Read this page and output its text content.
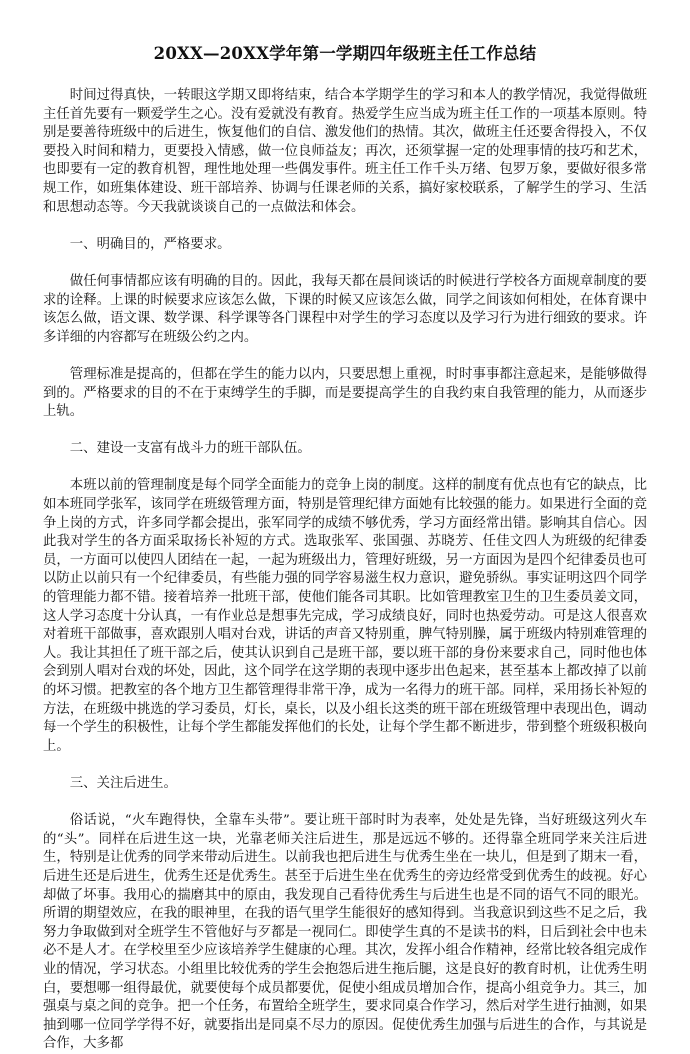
20XX—20XX学年第一学期四年级班主任工作总结

时间过得真快，一转眼这学期又即将结束，结合本学期学生的学习和本人的教学情况，我觉得做班主任首先要有一颗爱学生之心。没有爱就没有教育。热爱学生应当成为班主任工作的一项基本原则。特别是要善待班级中的后进生，恢复他们的自信、激发他们的热情。其次，做班主任还要舍得投入，不仅要投入时间和精力，更要投入情感，做一位良师益友；再次，还须掌握一定的处理事情的技巧和艺术，也即要有一定的教育机智，理性地处理一些偶发事件。班主任工作千头万绪、包罗万象，要做好很多常规工作，如班集体建设、班干部培养、协调与任课老师的关系，搞好家校联系，了解学生的学习、生活和思想动态等。今天我就谈谈自己的一点做法和体会。

一、明确目的，严格要求。

做任何事情都应该有明确的目的。因此，我每天都在晨间谈话的时候进行学校各方面规章制度的要求的诠释。上课的时候要求应该怎么做，下课的时候又应该怎么做，同学之间该如何相处，在体育课中该怎么做，语文课、数学课、科学课等各门课程中对学生的学习态度以及学习行为进行细致的要求。许多详细的内容都写在班级公约之内。

管理标准是提高的，但都在学生的能力以内，只要思想上重视，时时事事都注意起来，是能够做得到的。严格要求的目的不在于束缚学生的手脚，而是要提高学生的自我约束自我管理的能力，从而逐步上轨。

二、建设一支富有战斗力的班干部队伍。

本班以前的管理制度是每个同学全面能力的竞争上岗的制度。这样的制度有优点也有它的缺点，比如本班同学张军，该同学在班级管理方面，特别是管理纪律方面她有比较强的能力。如果进行全面的竞争上岗的方式，许多同学都会提出，张军同学的成绩不够优秀，学习方面经常出错。影响其自信心。因此我对学生的各方面采取扬长补短的方式。选取张军、张国强、苏晓芳、任佳文四人为班级的纪律委员，一方面可以使四人团结在一起，一起为班级出力，管理好班级，另一方面因为是四个纪律委员也可以防止以前只有一个纪律委员，有些能力强的同学容易滋生权力意识，避免骄纵。事实证明这四个同学的管理能力都不错。接着培养一批班干部，使他们能各司其职。比如管理教室卫生的卫生委员姜文同，这人学习态度十分认真，一有作业总是想事先完成，学习成绩良好，同时也热爱劳动。可是这人很喜欢对着班干部做事，喜欢跟别人唱对台戏，讲话的声音又特别重，脾气特别臊，属于班级内特别难管理的人。我让其担任了班干部之后，使其认识到自己是班干部，要以班干部的身份来要求自己，同时他也体会到别人唱对台戏的坏处，因此，这个同学在这学期的表现中逐步出色起来，甚至基本上都改掉了以前的坏习惯。把教室的各个地方卫生都管理得非常干净，成为一名得力的班干部。同样，采用扬长补短的方法，在班级中挑选的学习委员，灯长，桌长，以及小组长这类的班干部在班级管理中表现出色，调动每一个学生的积极性，让每个学生都能发挥他们的长处，让每个学生都不断进步，带到整个班级积极向上。

三、关注后进生。

俗话说，“火车跑得快，全靠车头带”。要让班干部时时为表率，处处是先锋，当好班级这列火车的“头”。同样在后进生这一块，光靠老师关注后进生，那是远远不够的。还得靠全班同学来关注后进生，特别是让优秀的同学来带动后进生。以前我也把后进生与优秀生坐在一块儿，但是到了期末一看，后进生还是后进生，优秀生还是优秀生。甚至于后进生坐在优秀生的旁边经常受到优秀生的歧视。好心却做了坏事。我用心的揣磨其中的原由，我发现自己看待优秀生与后进生也是不同的语气不同的眼光。所谓的期望效应，在我的眼神里，在我的语气里学生能很好的感知得到。当我意识到这些不足之后，我努力争取做到对全班学生不管他好与歹都是一视同仁。即使学生真的不是读书的料，日后到社会中也未必不是人才。在学校里至少应该培养学生健康的心理。其次，发挥小组合作精神，经常比较各组完成作业的情况，学习状态。小组里比较优秀的学生会抱怨后进生拖后腿，这是良好的教育时机，让优秀生明白，要想哪一组得最优，就要使每个成员都要优，促使小组成员增加合作，提高小组竞争力。其三，加强桌与桌之间的竞争。把一个任务，布置给全班学生，要求同桌合作学习，然后对学生进行抽测，如果抽到哪一位同学学得不好，就要指出是同桌不尽力的原因。促使优秀生加强与后进生的合作，与其说是合作，大多都
